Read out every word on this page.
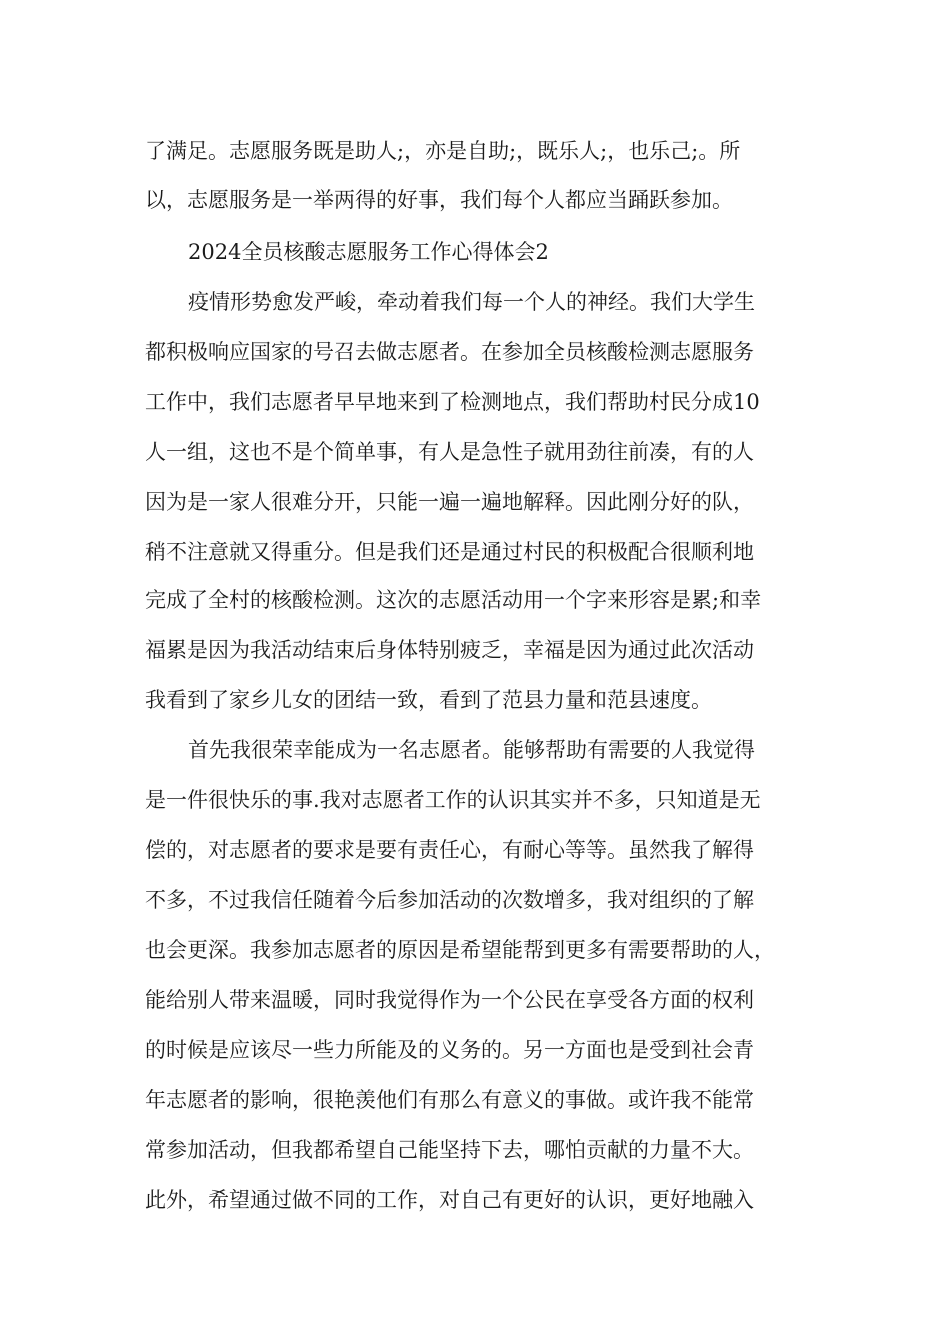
了满足。志愿服务既是助人;，亦是自助;，既乐人;，也乐己;。所
以，志愿服务是一举两得的好事，我们每个人都应当踊跃参加。
2024全员核酸志愿服务工作心得体会2
疫情形势愈发严峻，牵动着我们每一个人的神经。我们大学生
都积极响应国家的号召去做志愿者。在参加全员核酸检测志愿服务
工作中，我们志愿者早早地来到了检测地点，我们帮助村民分成10
人一组，这也不是个简单事，有人是急性子就用劲往前凑，有的人
因为是一家人很难分开，只能一遍一遍地解释。因此刚分好的队，
稍不注意就又得重分。但是我们还是通过村民的积极配合很顺利地
完成了全村的核酸检测。这次的志愿活动用一个字来形容是累;和幸
福累是因为我活动结束后身体特别疲乏，幸福是因为通过此次活动
我看到了家乡儿女的团结一致，看到了范县力量和范县速度。
首先我很荣幸能成为一名志愿者。能够帮助有需要的人我觉得
是一件很快乐的事.我对志愿者工作的认识其实并不多，只知道是无
偿的，对志愿者的要求是要有责任心，有耐心等等。虽然我了解得
不多，不过我信任随着今后参加活动的次数增多，我对组织的了解
也会更深。我参加志愿者的原因是希望能帮到更多有需要帮助的人，
能给别人带来温暖，同时我觉得作为一个公民在享受各方面的权利
的时候是应该尽一些力所能及的义务的。另一方面也是受到社会青
年志愿者的影响，很艳羡他们有那么有意义的事做。或许我不能常
常参加活动，但我都希望自己能坚持下去，哪怕贡献的力量不大。
此外，希望通过做不同的工作，对自己有更好的认识，更好地融入
